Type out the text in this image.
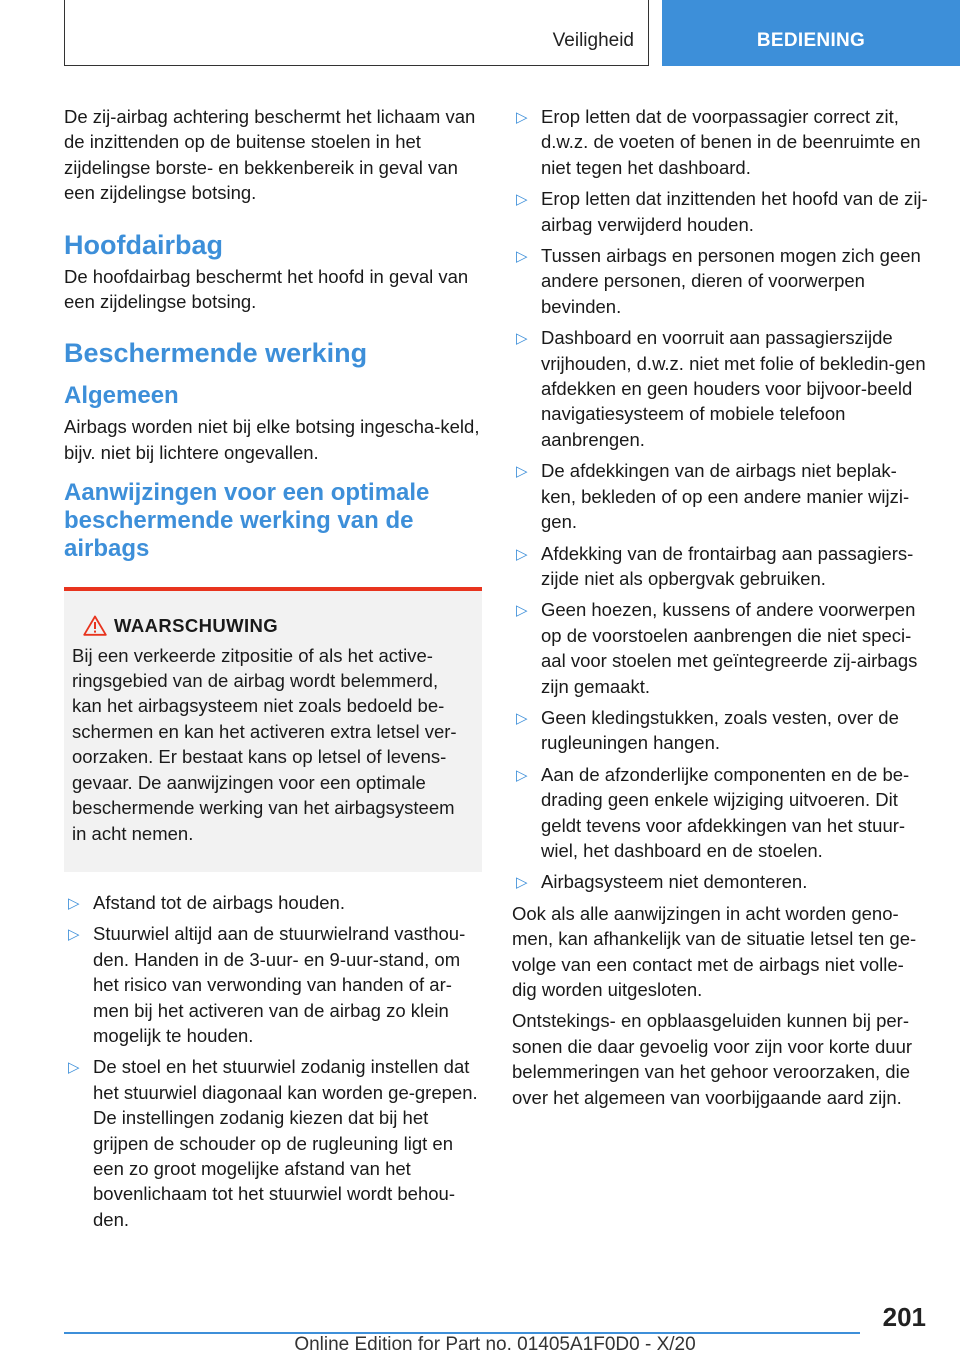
Veiligheid	BEDIENING

De zij-airbag achtering beschermt het lichaam van de inzittenden op de buitense stoelen in het zijdelingse borste- en bekkenbereik in geval van een zijdelingse botsing.

Hoofdairbag

De hoofdairbag beschermt het hoofd in geval van een zijdelingse botsing.

Beschermende werking
Algemeen

Airbags worden niet bij elke botsing ingescha-keld, bijv. niet bij lichtere ongevallen.

Aanwijzingen voor een optimale beschermende werking van de airbags
WAARSCHUWING

Bij een verkeerde zitpositie of als het active-ringsgebied van de airbag wordt belemmerd, kan het airbagsysteem niet zoals bedoeld be-schermen en kan het activeren extra letsel ver-oorzaken. Er bestaat kans op letsel of levens-gevaar. De aanwijzingen voor een optimale beschermende werking van het airbagsysteem in acht nemen.

▷ Afstand tot de airbags houden.
▷ Stuurwiel altijd aan de stuurwielrand vasthou-den. Handen in de 3-uur- en 9-uur-stand, om het risico van verwonding van handen of ar-men bij het activeren van de airbag zo klein mogelijk te houden.
▷ De stoel en het stuurwiel zodanig instellen dat het stuurwiel diagonaal kan worden ge-grepen. De instellingen zodanig kiezen dat bij het grijpen de schouder op de rugleuning ligt en een zo groot mogelijke afstand van het bovenlichaam tot het stuurwiel wordt behou-den.
▷ Erop letten dat de voorpassagier correct zit, d.w.z. de voeten of benen in de beenruimte en niet tegen het dashboard.
▷ Erop letten dat inzittenden het hoofd van de zij-airbag verwijderd houden.
▷ Tussen airbags en personen mogen zich geen andere personen, dieren of voorwerpen bevinden.
▷ Dashboard en voorruit aan passagierszijde vrijhouden, d.w.z. niet met folie of bekledin-gen afdekken en geen houders voor bijvoor-beeld navigatiesysteem of mobiele telefoon aanbrengen.
▷ De afdekkingen van de airbags niet beplak-ken, bekleden of op een andere manier wijzi-gen.
▷ Afdekking van de frontairbag aan passagiers-zijde niet als opbergvak gebruiken.
▷ Geen hoezen, kussens of andere voorwerpen op de voorstoelen aanbrengen die niet speci-aal voor stoelen met geïntegreerde zij-airbags zijn gemaakt.
▷ Geen kledingstukken, zoals vesten, over de rugleuningen hangen.
▷ Aan de afzonderlijke componenten en de be-drading geen enkele wijziging uitvoeren. Dit geldt tevens voor afdekkingen van het stuur-wiel, het dashboard en de stoelen.
▷ Airbagsysteem niet demonteren.

Ook als alle aanwijzingen in acht worden geno-men, kan afhankelijk van de situatie letsel ten ge-volge van een contact met de airbags niet volle-dig worden uitgesloten.

Ontstekings- en opblaasgeluiden kunnen bij per-sonen die daar gevoelig voor zijn voor korte duur belemmeringen van het gehoor veroorzaken, die over het algemeen van voorbijgaande aard zijn.

201
Online Edition for Part no. 01405A1F0D0 - X/20
